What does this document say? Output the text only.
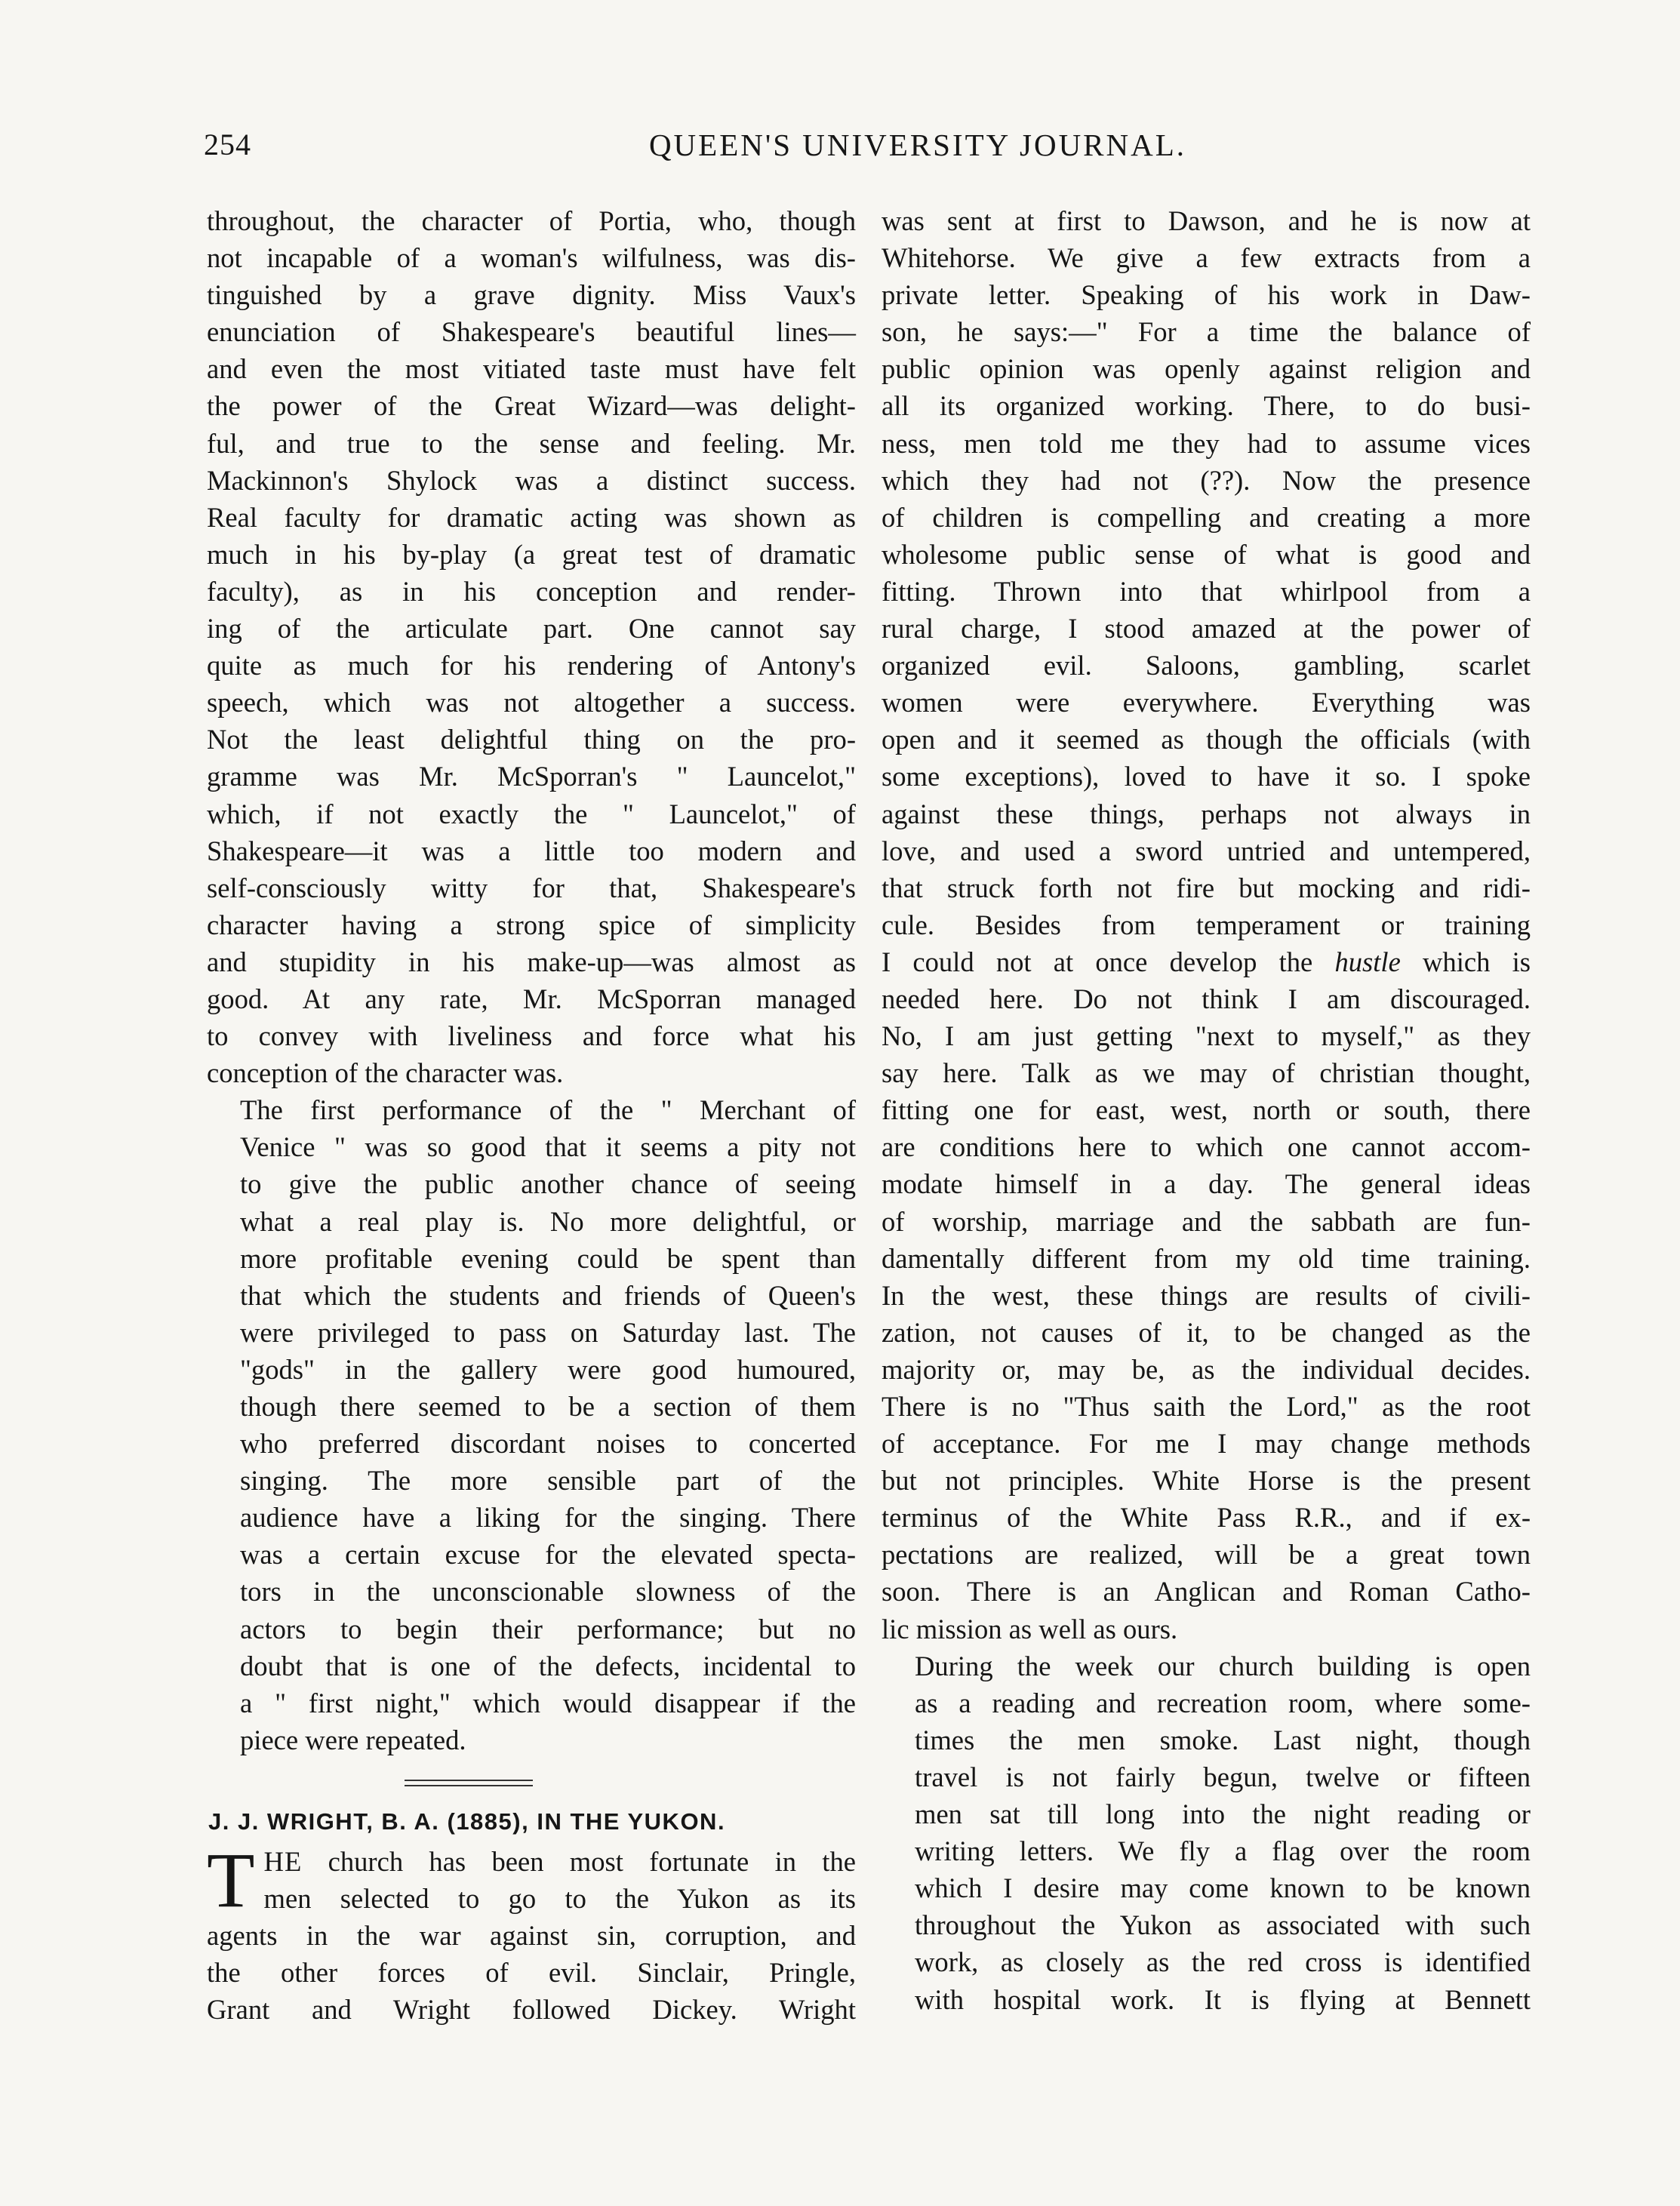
254	QUEEN'S UNIVERSITY JOURNAL.

throughout, the character of Portia, who, though
not incapable of a woman's wilfulness, was dis-
tinguished by a grave dignity. Miss Vaux's
enunciation of Shakespeare's beautiful lines—
and even the most vitiated taste must have felt
the power of the Great Wizard—was delight-
ful, and true to the sense and feeling. Mr.
Mackinnon's Shylock was a distinct success.
Real faculty for dramatic acting was shown as
much in his by-play (a great test of dramatic
faculty), as in his conception and render-
ing of the articulate part. One cannot say
quite as much for his rendering of Antony's
speech, which was not altogether a success.
Not the least delightful thing on the pro-
gramme was Mr. McSporran's " Launcelot,"
which, if not exactly the " Launcelot," of
Shakespeare—it was a little too modern and
self-consciously witty for that, Shakespeare's
character having a strong spice of simplicity
and stupidity in his make-up—was almost as
good. At any rate, Mr. McSporran managed
to convey with liveliness and force what his
conception of the character was.

The first performance of the " Merchant of
Venice " was so good that it seems a pity not
to give the public another chance of seeing
what a real play is. No more delightful, or
more profitable evening could be spent than
that which the students and friends of Queen's
were privileged to pass on Saturday last. The
"gods" in the gallery were good humoured,
though there seemed to be a section of them
who preferred discordant noises to concerted
singing. The more sensible part of the
audience have a liking for the singing. There
was a certain excuse for the elevated specta-
tors in the unconscionable slowness of the
actors to begin their performance; but no
doubt that is one of the defects, incidental to
a " first night," which would disappear if the
piece were repeated.

J. J. WRIGHT, B. A. (1885), IN THE YUKON.

T HE church has been most fortunate in the
men selected to go to the Yukon as its
agents in the war against sin, corruption, and
the other forces of evil. Sinclair, Pringle,
Grant and Wright followed Dickey. Wright

was sent at first to Dawson, and he is now at
Whitehorse. We give a few extracts from a
private letter. Speaking of his work in Daw-
son, he says:—" For a time the balance of
public opinion was openly against religion and
all its organized working. There, to do busi-
ness, men told me they had to assume vices
which they had not (??). Now the presence
of children is compelling and creating a more
wholesome public sense of what is good and
fitting. Thrown into that whirlpool from a
rural charge, I stood amazed at the power of
organized evil. Saloons, gambling, scarlet
women were everywhere. Everything was
open and it seemed as though the officials (with
some exceptions), loved to have it so. I spoke
against these things, perhaps not always in
love, and used a sword untried and untempered,
that struck forth not fire but mocking and ridi-
cule. Besides from temperament or training
I could not at once develop the hustle which is
needed here. Do not think I am discouraged.
No, I am just getting "next to myself," as they
say here. Talk as we may of christian thought,
fitting one for east, west, north or south, there
are conditions here to which one cannot accom-
modate himself in a day. The general ideas
of worship, marriage and the sabbath are fun-
damentally different from my old time training.
In the west, these things are results of civili-
zation, not causes of it, to be changed as the
majority or, may be, as the individual decides.
There is no "Thus saith the Lord," as the root
of acceptance. For me I may change methods
but not principles. White Horse is the present
terminus of the White Pass R.R., and if ex-
pectations are realized, will be a great town
soon. There is an Anglican and Roman Catho-
lic mission as well as ours.

During the week our church building is open
as a reading and recreation room, where some-
times the men smoke. Last night, though
travel is not fairly begun, twelve or fifteen
men sat till long into the night reading or
writing letters. We fly a flag over the room
which I desire may come known to be known
throughout the Yukon as associated with such
work, as closely as the red cross is identified
with hospital work. It is flying at Bennett
